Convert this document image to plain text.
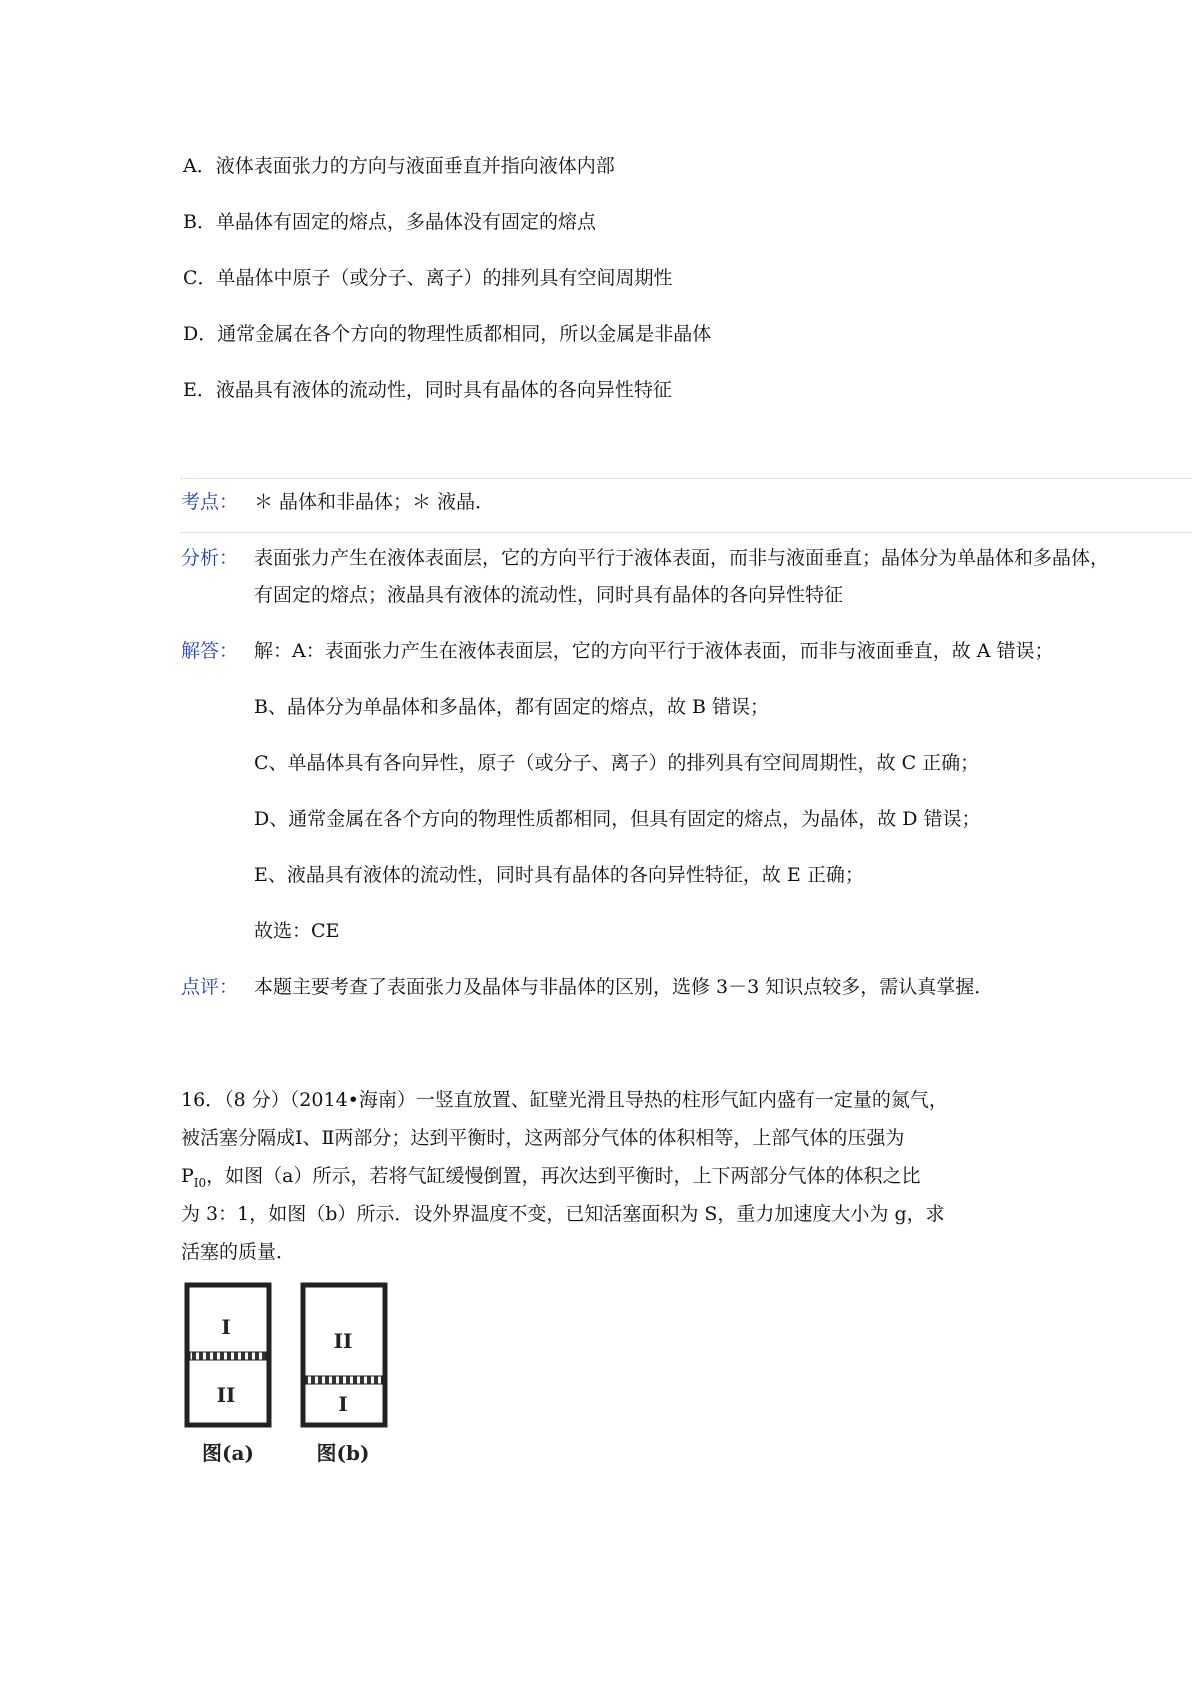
A．液体表面张力的方向与液面垂直并指向液体内部
B．单晶体有固定的熔点，多晶体没有固定的熔点
C．单晶体中原子（或分子、离子）的排列具有空间周期性
D．通常金属在各个方向的物理性质都相同，所以金属是非晶体
E．液晶具有液体的流动性，同时具有晶体的各向异性特征
考点： ＊ 晶体和非晶体；＊ 液晶．
分析： 表面张力产生在液体表面层，它的方向平行于液体表面，而非与液面垂直；晶体分为单晶体和多晶体，
有固定的熔点；液晶具有液体的流动性，同时具有晶体的各向异性特征
解答： 解：A：表面张力产生在液体表面层，它的方向平行于液体表面，而非与液面垂直，故 A 错误；
B、晶体分为单晶体和多晶体，都有固定的熔点，故 B 错误；
C、单晶体具有各向异性，原子（或分子、离子）的排列具有空间周期性，故 C 正确；
D、通常金属在各个方向的物理性质都相同，但具有固定的熔点，为晶体，故 D 错误；
E、液晶具有液体的流动性，同时具有晶体的各向异性特征，故 E 正确；
故选：CE
点评： 本题主要考查了表面张力及晶体与非晶体的区别，选修 3－3 知识点较多，需认真掌握．
16．（8 分）（2014•海南）一竖直放置、缸壁光滑且导热的柱形气缸内盛有一定量的氮气，
被活塞分隔成Ⅰ、Ⅱ两部分；达到平衡时，这两部分气体的体积相等，上部气体的压强为
$P_{Ⅰ0}$，如图（a）所示，若将气缸缓慢倒置，再次达到平衡时，上下两部分气体的体积之比
为 3：1，如图（b）所示．设外界温度不变，已知活塞面积为 S，重力加速度大小为 g，求
活塞的质量．
I
II
图(a)
II
I
图(b)
